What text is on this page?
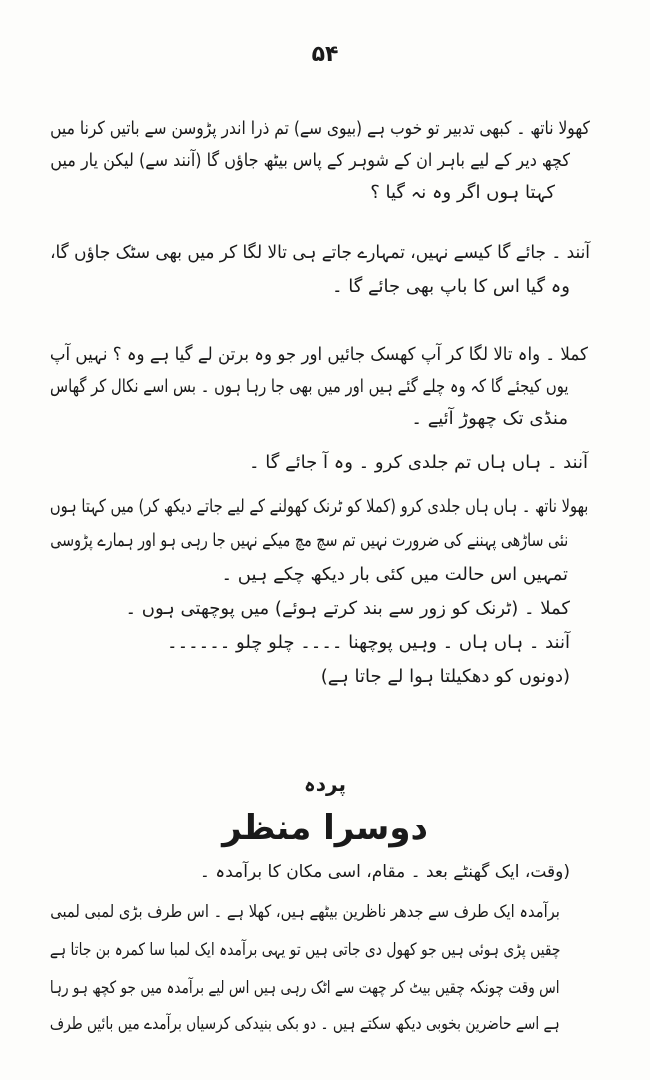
۵۴
کھولا ناتھ ۔ کبھی تدبیر تو خوب ہے (بیوی سے) تم ذرا اندر پڑوسن سے باتیں کرنا میں
کچھ دیر کے لیے باہر ان کے شوہر کے پاس بیٹھ جاؤں گا (آنند سے) لیکن یار میں
کہتا ہوں اگر وہ نہ گیا ؟
آنند ۔ جائے گا کیسے نہیں، تمہارے جاتے ہی تالا لگا کر میں بھی سٹک جاؤں گا،
وہ گیا اس کا باپ بھی جائے گا ۔
کملا ۔ واہ تالا لگا کر آپ کھسک جائیں اور جو وہ برتن لے گیا ہے وہ ؟ نہیں آپ
یوں کیجئے گا کہ وہ چلے گئے ہیں اور میں بھی جا رہا ہوں ۔ بس اسے نکال کر گھاس
منڈی تک چھوڑ آئیے ۔
آنند ۔ ہاں ہاں تم جلدی کرو ۔ وہ آ جائے گا ۔
بھولا ناتھ ۔ ہاں ہاں جلدی کرو (کملا کو ٹرنک کھولنے کے لیے جاتے دیکھ کر) میں کہتا ہوں
نئی ساڑھی پہننے کی ضرورت نہیں تم سچ مچ میکے نہیں جا رہی ہو اور ہمارے پڑوسی
تمہیں اس حالت میں کئی بار دیکھ چکے ہیں ۔
کملا ۔ (ٹرنک کو زور سے بند کرتے ہوئے) میں پوچھتی ہوں ۔
آنند ۔ ہاں ہاں ۔ وہیں پوچھنا ۔۔۔۔ چلو چلو ۔۔۔۔۔۔
(دونوں کو دھکیلتا ہوا لے جاتا ہے)
پردہ
دوسرا منظر
(وقت، ایک گھنٹے بعد ۔ مقام، اسی مکان کا برآمدہ ۔
برآمدہ ایک طرف سے جدھر ناظرین بیٹھے ہیں، کھلا ہے ۔ اس طرف بڑی لمبی لمبی
چقیں پڑی ہوئی ہیں جو کھول دی جاتی ہیں تو یہی برآمدہ ایک لمبا سا کمرہ بن جاتا ہے
اس وقت چونکہ چقیں بیٹ کر چھت سے اٹک رہی ہیں اس لیے برآمدہ میں جو کچھ ہو رہا
ہے اسے حاضرین بخوبی دیکھ سکتے ہیں ۔ دو بکی بنیدکی کرسیاں برآمدے میں بائیں طرف
